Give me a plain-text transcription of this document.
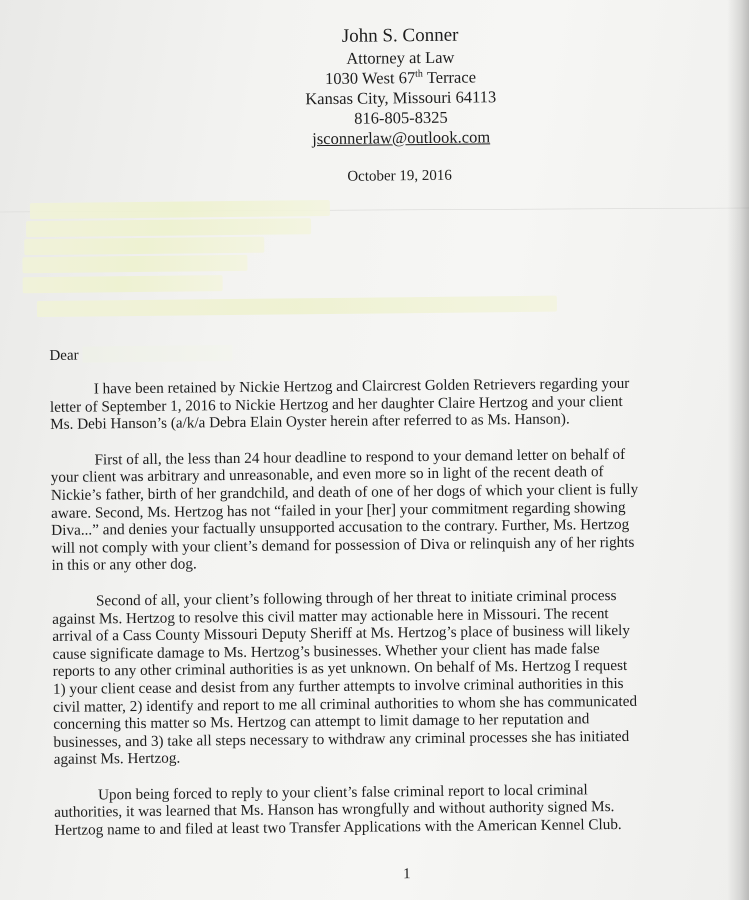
John S. Conner
Attorney at Law
1030 West 67th Terrace
Kansas City, Missouri 64113
816-805-8325
jsconnerlaw@outlook.com
October 19, 2016
Dear

I have been retained by Nickie Hertzog and Claircrest Golden Retrievers regarding your letter of September 1, 2016 to Nickie Hertzog and her daughter Claire Hertzog and your client Ms. Debi Hanson’s (a/k/a Debra Elain Oyster herein after referred to as Ms. Hanson).

First of all, the less than 24 hour deadline to respond to your demand letter on behalf of your client was arbitrary and unreasonable, and even more so in light of the recent death of Nickie’s father, birth of her grandchild, and death of one of her dogs of which your client is fully aware. Second, Ms. Hertzog has not “failed in your [her] your commitment regarding showing Diva...” and denies your factually unsupported accusation to the contrary. Further, Ms. Hertzog will not comply with your client’s demand for possession of Diva or relinquish any of her rights in this or any other dog.

Second of all, your client’s following through of her threat to initiate criminal process against Ms. Hertzog to resolve this civil matter may actionable here in Missouri. The recent arrival of a Cass County Missouri Deputy Sheriff at Ms. Hertzog’s place of business will likely cause significate damage to Ms. Hertzog’s businesses. Whether your client has made false reports to any other criminal authorities is as yet unknown. On behalf of Ms. Hertzog I request 1) your client cease and desist from any further attempts to involve criminal authorities in this civil matter, 2) identify and report to me all criminal authorities to whom she has communicated concerning this matter so Ms. Hertzog can attempt to limit damage to her reputation and businesses, and 3) take all steps necessary to withdraw any criminal processes she has initiated against Ms. Hertzog.

Upon being forced to reply to your client’s false criminal report to local criminal authorities, it was learned that Ms. Hanson has wrongfully and without authority signed Ms. Hertzog name to and filed at least two Transfer Applications with the American Kennel Club.

1
